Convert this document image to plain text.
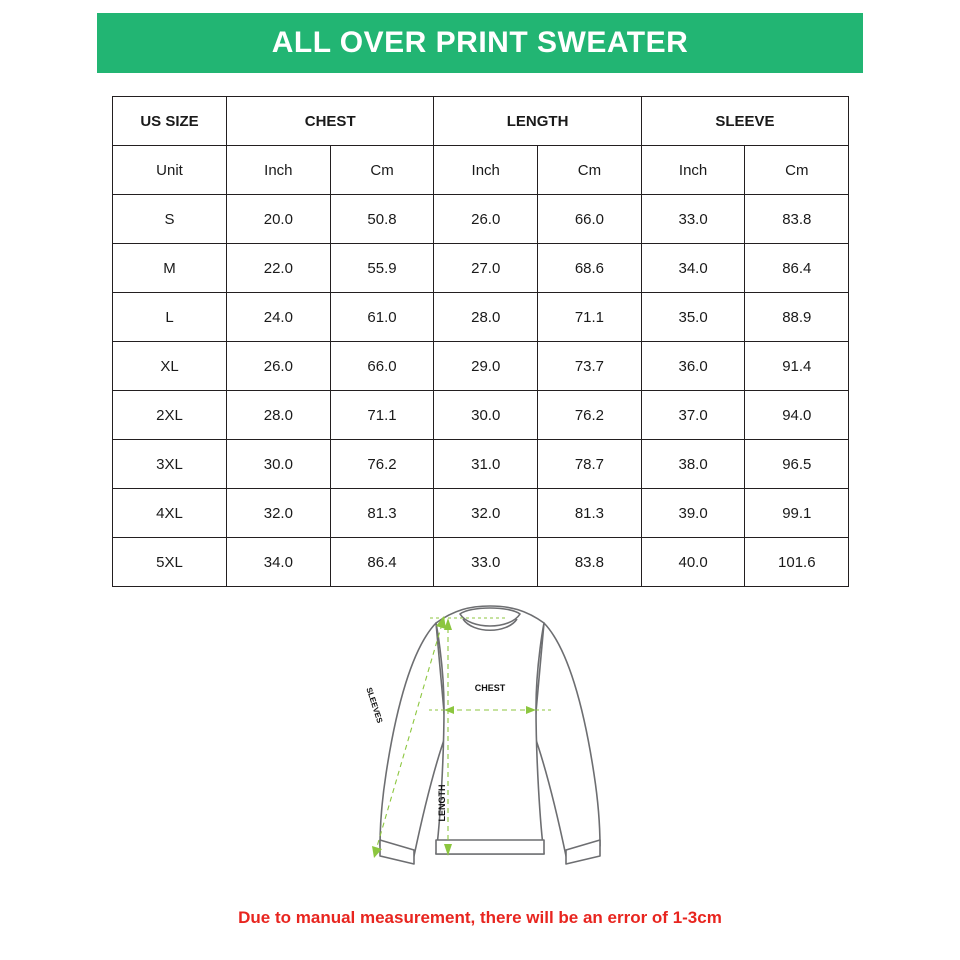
ALL OVER PRINT SWEATER
US SIZE	CHEST		LENGTH		SLEEVE	
Unit	Inch	Cm	Inch	Cm	Inch	Cm
S	20.0	50.8	26.0	66.0	33.0	83.8
M	22.0	55.9	27.0	68.6	34.0	86.4
L	24.0	61.0	28.0	71.1	35.0	88.9
XL	26.0	66.0	29.0	73.7	36.0	91.4
2XL	28.0	71.1	30.0	76.2	37.0	94.0
3XL	30.0	76.2	31.0	78.7	38.0	96.5
4XL	32.0	81.3	32.0	81.3	39.0	99.1
5XL	34.0	86.4	33.0	83.8	40.0	101.6
CHEST
LENGTH
SLEEVES
Due to manual measurement, there will be an error of 1-3cm
